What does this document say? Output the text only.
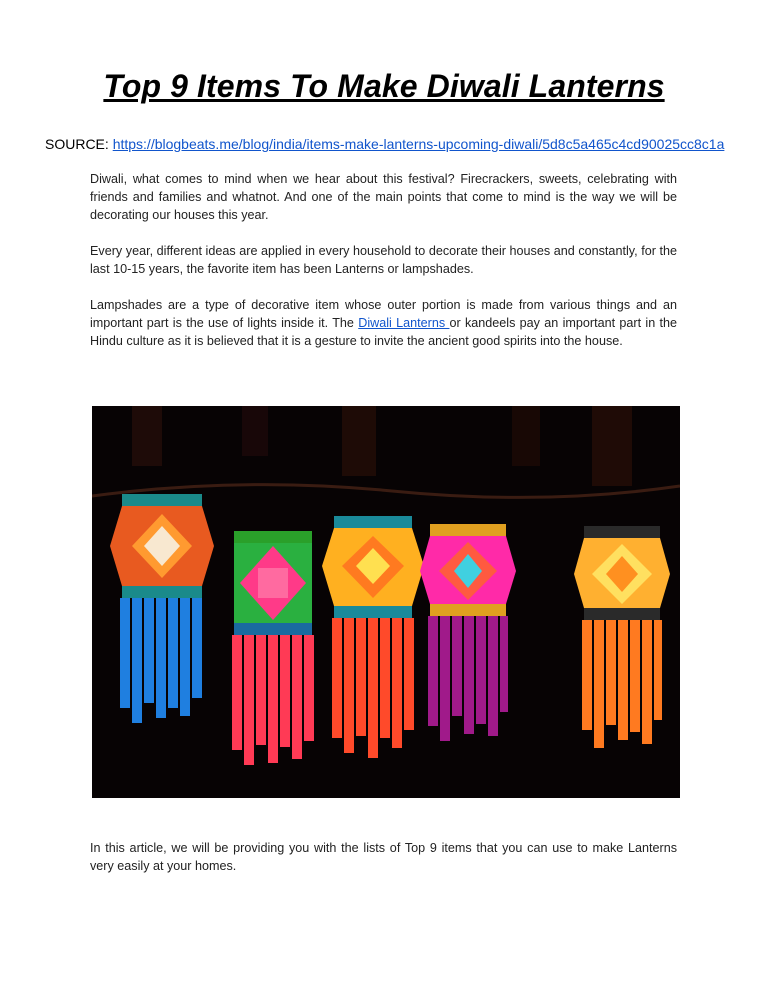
Top 9 Items To Make Diwali Lanterns
SOURCE: https://blogbeats.me/blog/india/items-make-lanterns-upcoming-diwali/5d8c5a465c4cd90025cc8c1a

Diwali, what comes to mind when we hear about this festival? Firecrackers, sweets, celebrating with friends and families and whatnot. And one of the main points that come to mind is the way we will be decorating our houses this year.

Every year, different ideas are applied in every household to decorate their houses and constantly, for the last 10-15 years, the favorite item has been Lanterns or lampshades.

Lampshades are a type of decorative item whose outer portion is made from various things and an important part is the use of lights inside it. The Diwali Lanterns or kandeels pay an important part in the Hindu culture as it is believed that it is a gesture to invite the ancient good spirits into the house.

In this article, we will be providing you with the lists of Top 9 items that you can use to make Lanterns very easily at your homes.
